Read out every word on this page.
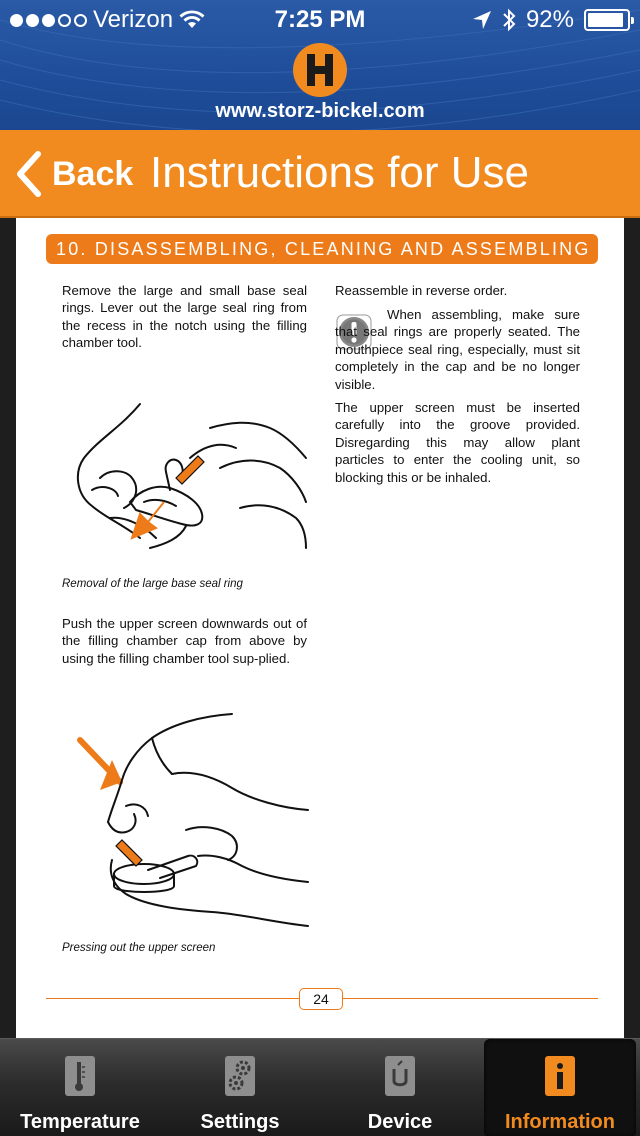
Verizon	7:25 PM	92%
www.storz-bickel.com
Back Instructions for Use
10. DISASSEMBLING, CLEANING AND ASSEMBLING
Remove the large and small base seal rings. Lever out the large seal ring from the recess in the notch using the filling chamber tool.
Removal of the large base seal ring
Push the upper screen downwards out of the filling chamber cap from above by using the filling chamber tool sup-plied.
Pressing out the upper screen
Reassemble in reverse order.
When assembling, make sure that seal rings are properly seated. The mouthpiece seal ring, especially, must sit completely in the cap and be no longer visible.
The upper screen must be inserted carefully into the groove provided. Disregarding this may allow plant particles to enter the cooling unit, so blocking this or be inhaled.
24
Temperature	Settings	Device	Information
